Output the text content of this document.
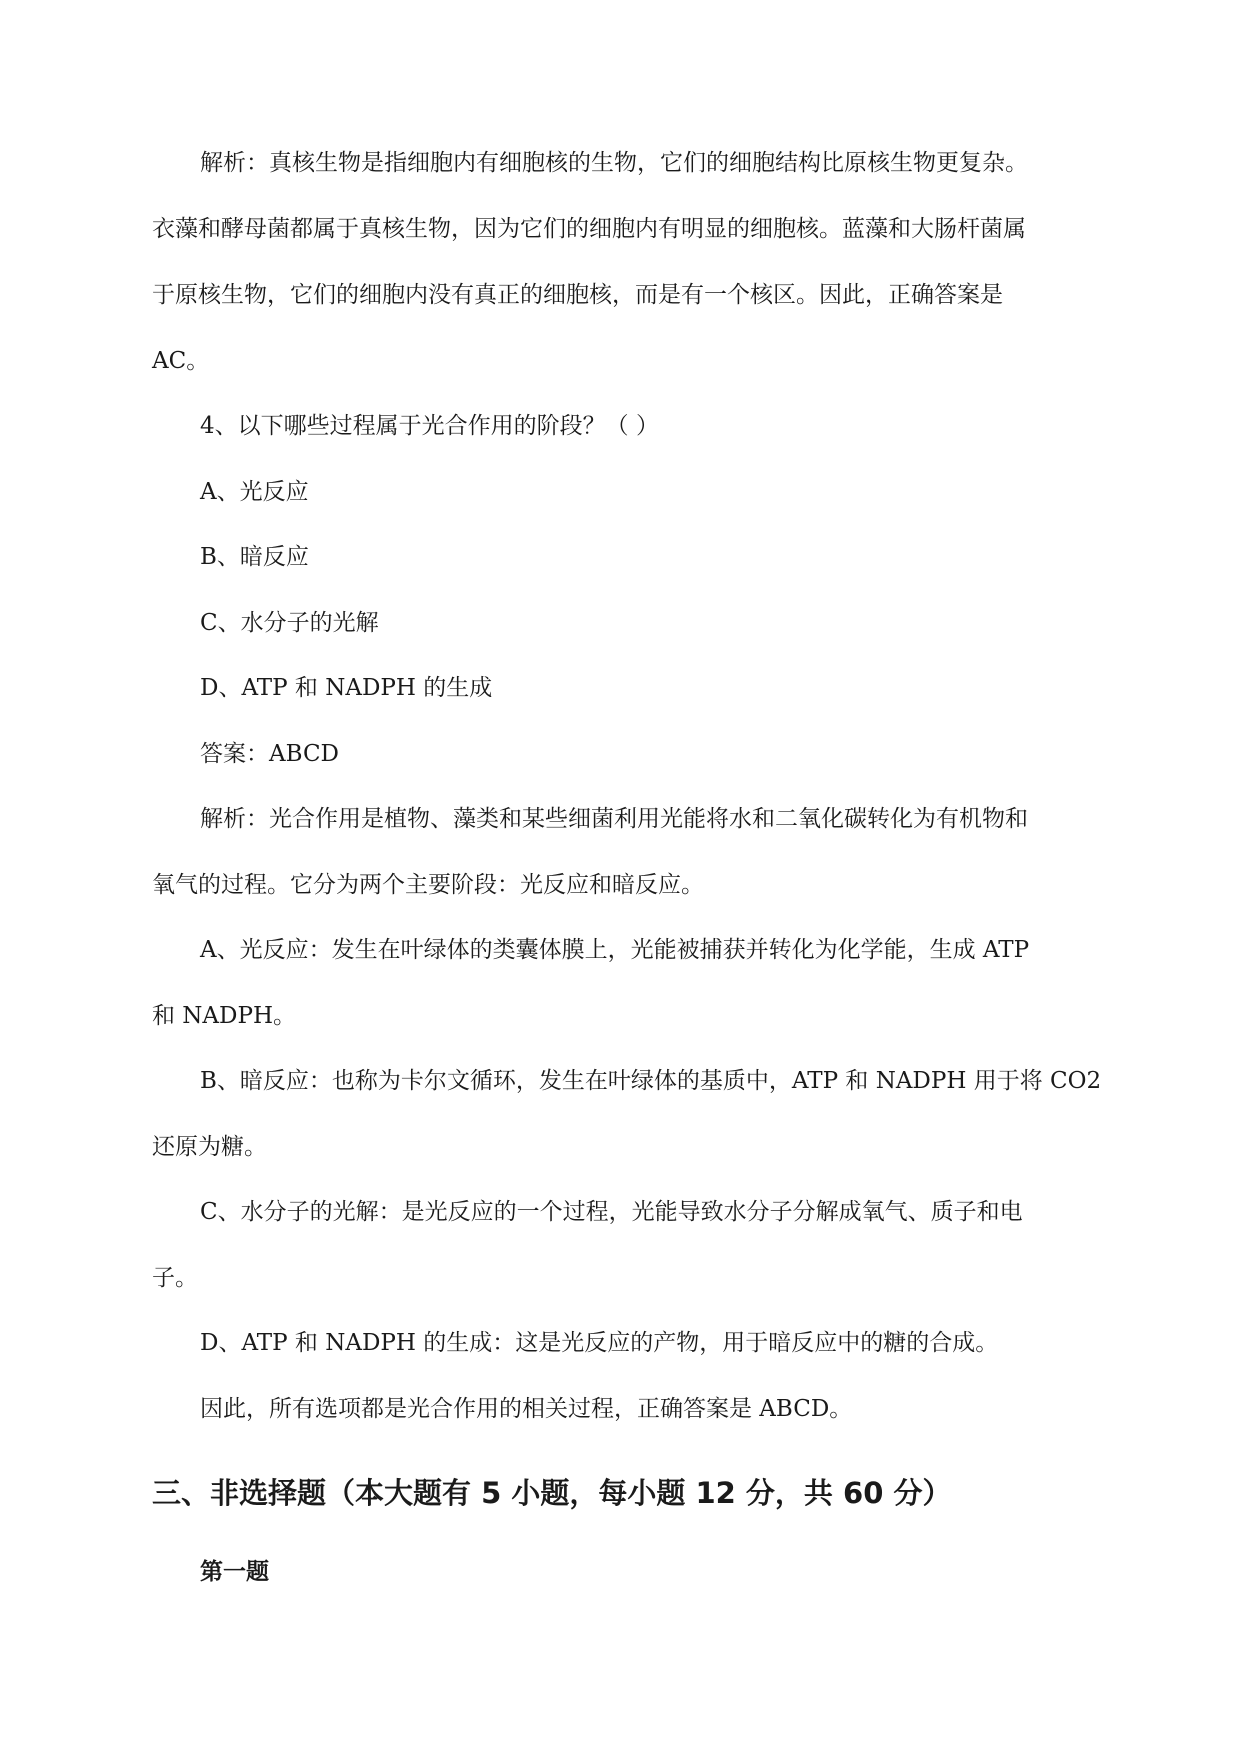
解析：真核生物是指细胞内有细胞核的生物，它们的细胞结构比原核生物更复杂。
衣藻和酵母菌都属于真核生物，因为它们的细胞内有明显的细胞核。蓝藻和大肠杆菌属
于原核生物，它们的细胞内没有真正的细胞核，而是有一个核区。因此，正确答案是
AC。
4、以下哪些过程属于光合作用的阶段？（ ）
A、光反应
B、暗反应
C、水分子的光解
D、ATP 和 NADPH 的生成
答案：ABCD
解析：光合作用是植物、藻类和某些细菌利用光能将水和二氧化碳转化为有机物和
氧气的过程。它分为两个主要阶段：光反应和暗反应。
A、光反应：发生在叶绿体的类囊体膜上，光能被捕获并转化为化学能，生成 ATP
和 NADPH。
B、暗反应：也称为卡尔文循环，发生在叶绿体的基质中，ATP 和 NADPH 用于将 CO2
还原为糖。
C、水分子的光解：是光反应的一个过程，光能导致水分子分解成氧气、质子和电
子。
D、ATP 和 NADPH 的生成：这是光反应的产物，用于暗反应中的糖的合成。
因此，所有选项都是光合作用的相关过程，正确答案是 ABCD。
三、非选择题（本大题有 5 小题，每小题 12 分，共 60 分）
第一题
